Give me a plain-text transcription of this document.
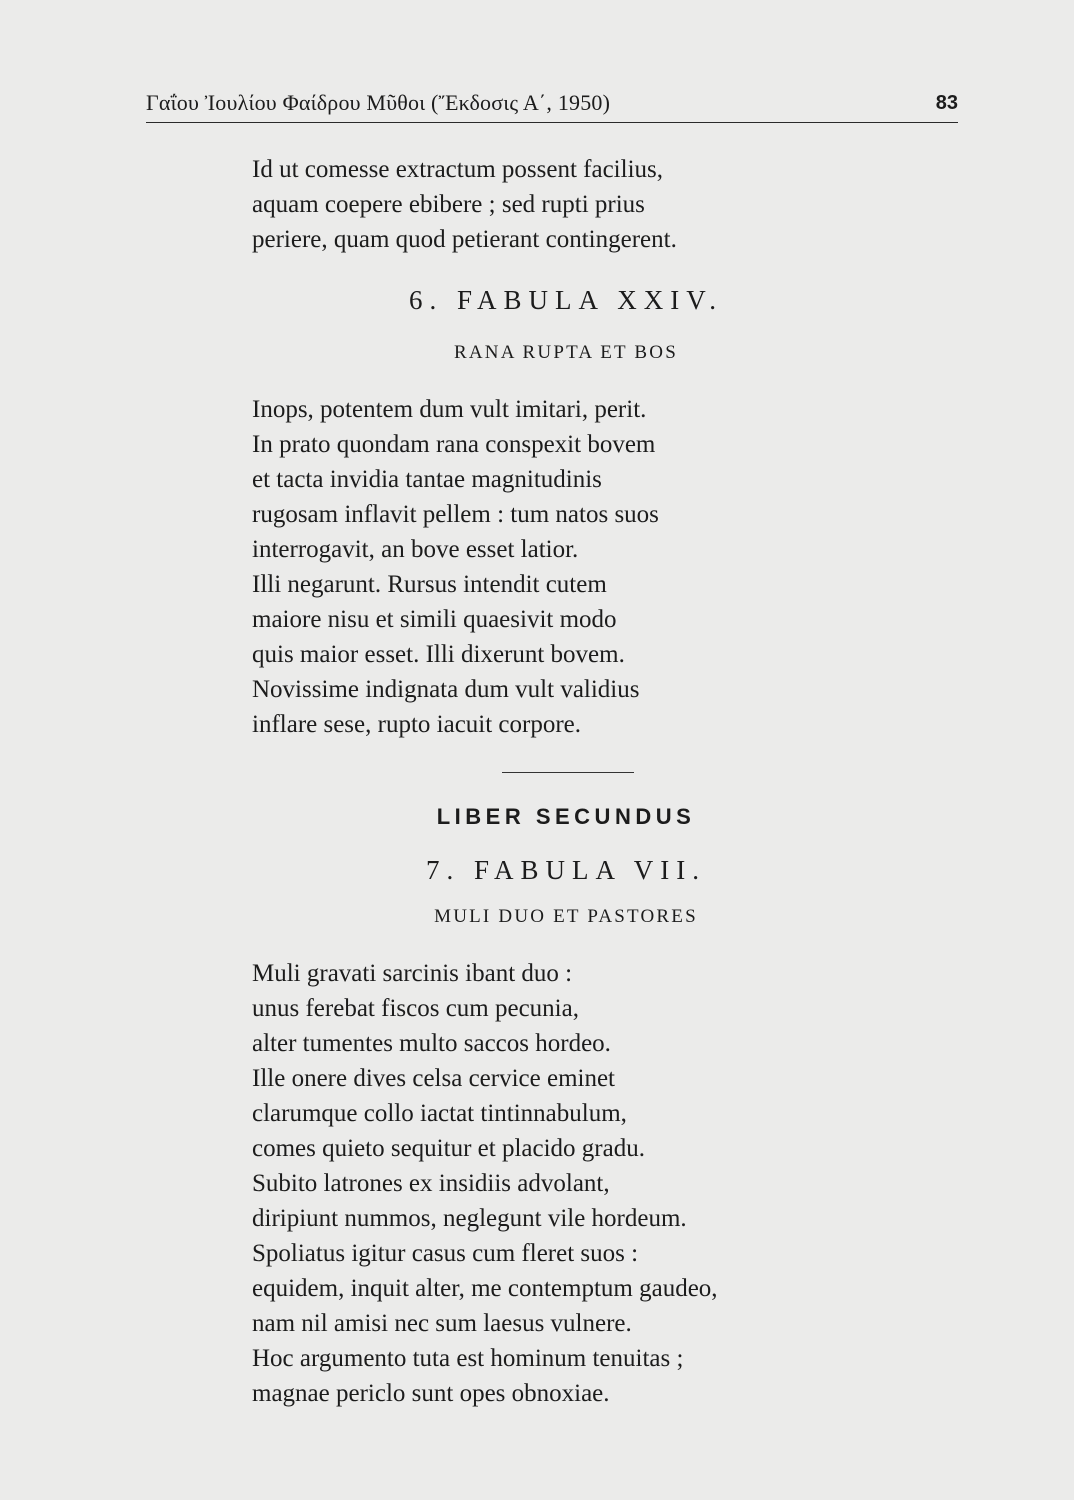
Γαΐου Ἰουλίου Φαίδρου Μῦθοι (Ἔκδοσις Α΄, 1950)	83
Id ut comesse extractum possent facilius,
aquam coepere ebibere ; sed rupti prius
periere, quam quod petierant contingerent.
6. FABULA XXIV.
RANA RUPTA ET BOS
Inops, potentem dum vult imitari, perit.
In prato quondam rana conspexit bovem
et tacta invidia tantae magnitudinis
rugosam inflavit pellem : tum natos suos
interrogavit, an bove esset latior.
Illi negarunt. Rursus intendit cutem
maiore nisu et simili quaesivit modo
quis maior esset. Illi dixerunt bovem.
Novissime indignata dum vult validius
inflare sese, rupto iacuit corpore.
LIBER SECUNDUS
7. FABULA VII.
MULI DUO ET PASTORES
Muli gravati sarcinis ibant duo :
unus ferebat fiscos cum pecunia,
alter tumentes multo saccos hordeo.
Ille onere dives celsa cervice eminet
clarumque collo iactat tintinnabulum,
comes quieto sequitur et placido gradu.
Subito latrones ex insidiis advolant,
diripiunt nummos, neglegunt vile hordeum.
Spoliatus igitur casus cum fleret suos :
equidem, inquit alter, me contemptum gaudeo,
nam nil amisi nec sum laesus vulnere.
Hoc argumento tuta est hominum tenuitas ;
magnae periclo sunt opes obnoxiae.
